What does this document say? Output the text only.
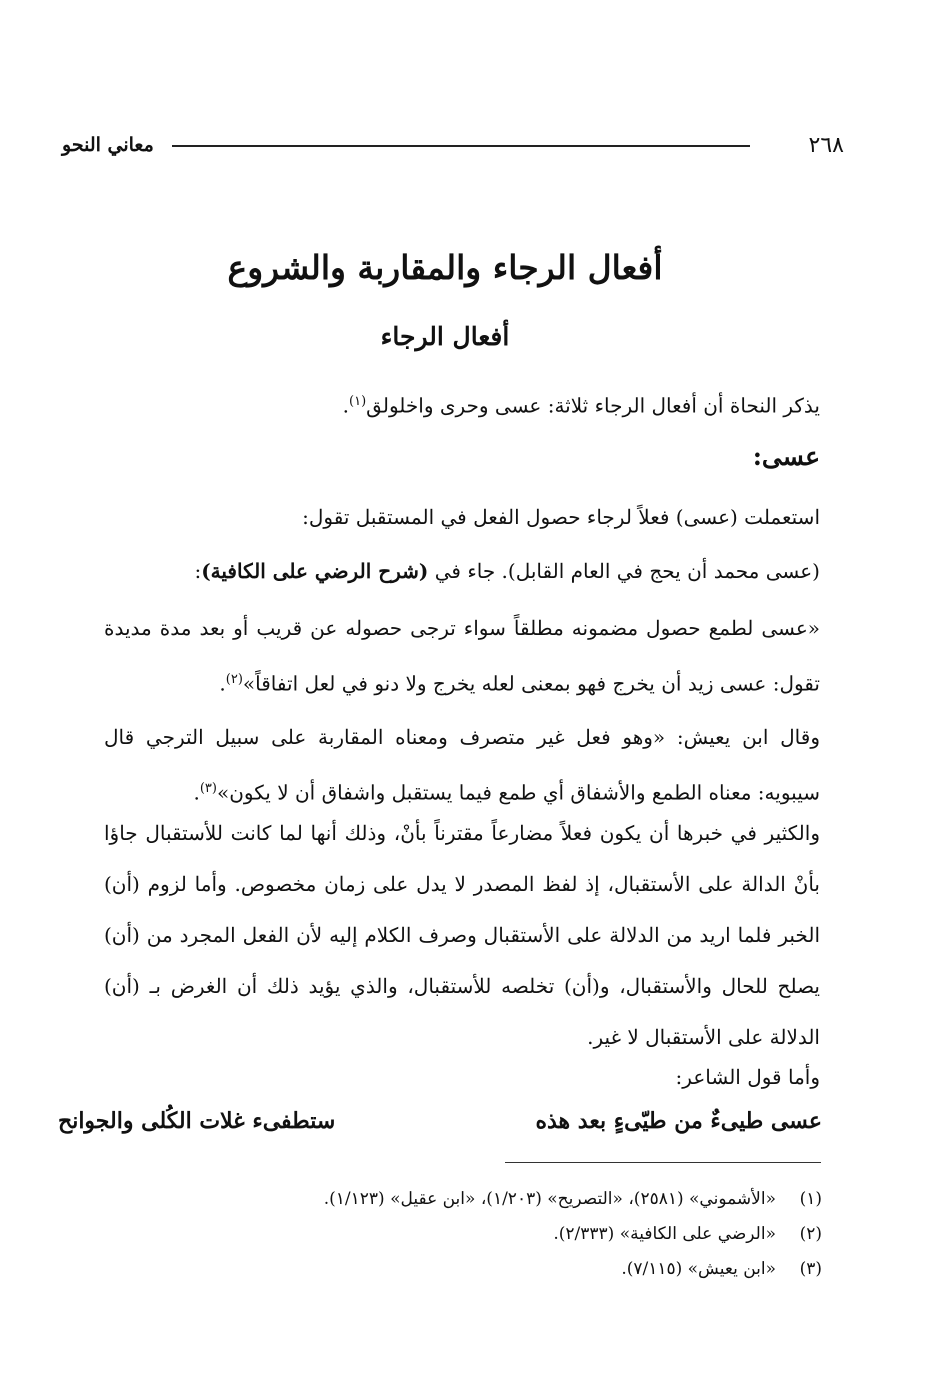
٢٦٨
معاني النحو
أفعال الرجاء والمقاربة والشروع
أفعال الرجاء
يذكر النحاة أن أفعال الرجاء ثلاثة: عسى وحرى واخلولق$^{(١)}$.
عسى:
استعملت (عسى) فعلاً لرجاء حصول الفعل في المستقبل تقول:
(عسى محمد أن يحج في العام القابل). جاء في (شرح الرضي على الكافية):
«عسى لطمع حصول مضمونه مطلقاً سواء ترجى حصوله عن قريب أو بعد مدة مديدة تقول: عسى زيد أن يخرج فهو بمعنى لعله يخرج ولا دنو في لعل اتفاقاً»$^{(٢)}$.
وقال ابن يعيش: «وهو فعل غير متصرف ومعناه المقاربة على سبيل الترجي قال سيبويه: معناه الطمع والأشفاق أي طمع فيما يستقبل واشفاق أن لا يكون»$^{(٣)}$.
والكثير في خبرها أن يكون فعلاً مضارعاً مقترناً بأنْ، وذلك أنها لما كانت للأستقبال جاؤا بأنْ الدالة على الأستقبال، إذ لفظ المصدر لا يدل على زمان مخصوص. وأما لزوم (أن) الخبر فلما اريد من الدلالة على الأستقبال وصرف الكلام إليه لأن الفعل المجرد من (أن) يصلح للحال والأستقبال، و(أن) تخلصه للأستقبال، والذي يؤيد ذلك أن الغرض بـ (أن) الدلالة على الأستقبال لا غير.
وأما قول الشاعر:
عسى طيىءٌ من طيّىءٍ بعد هذه
ستطفىء غلات الكُلى والجوانح
(١)
«الأشموني» (٢٥٨١)، «التصريح» (١/٢٠٣)، «ابن عقيل» (١/١٢٣).
(٢)
«الرضي على الكافية» (٢/٣٣٣).
(٣)
«ابن يعيش» (٧/١١٥).
